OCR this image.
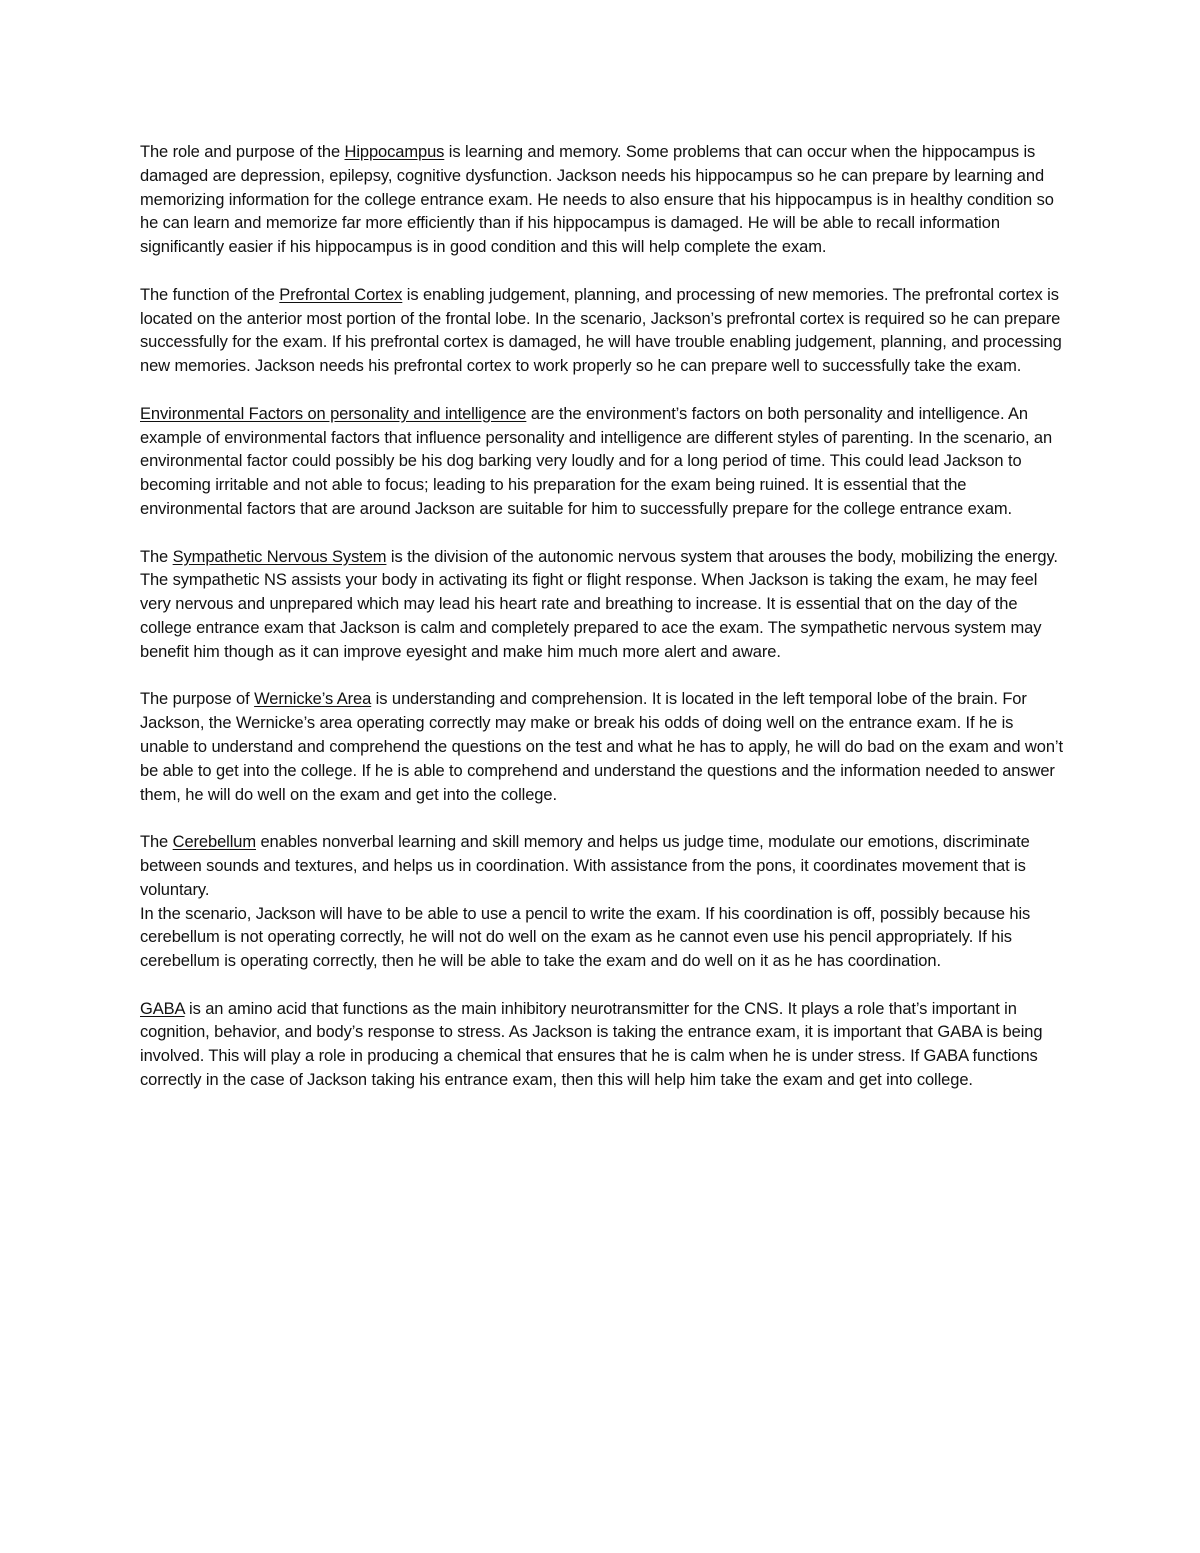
The role and purpose of the Hippocampus is learning and memory. Some problems that can occur when the hippocampus is damaged are depression, epilepsy, cognitive dysfunction. Jackson needs his hippocampus so he can prepare by learning and memorizing information for the college entrance exam. He needs to also ensure that his hippocampus is in healthy condition so he can learn and memorize far more efficiently than if his hippocampus is damaged. He will be able to recall information significantly easier if his hippocampus is in good condition and this will help complete the exam.

The function of the Prefrontal Cortex is enabling judgement, planning, and processing of new memories. The prefrontal cortex is located on the anterior most portion of the frontal lobe. In the scenario, Jackson’s prefrontal cortex is required so he can prepare successfully for the exam. If his prefrontal cortex is damaged, he will have trouble enabling judgement, planning, and processing new memories. Jackson needs his prefrontal cortex to work properly so he can prepare well to successfully take the exam.

Environmental Factors on personality and intelligence are the environment’s factors on both personality and intelligence. An example of environmental factors that influence personality and intelligence are different styles of parenting. In the scenario, an environmental factor could possibly be his dog barking very loudly and for a long period of time. This could lead Jackson to becoming irritable and not able to focus; leading to his preparation for the exam being ruined. It is essential that the environmental factors that are around Jackson are suitable for him to successfully prepare for the college entrance exam.

The Sympathetic Nervous System is the division of the autonomic nervous system that arouses the body, mobilizing the energy. The sympathetic NS assists your body in activating its fight or flight response. When Jackson is taking the exam, he may feel very nervous and unprepared which may lead his heart rate and breathing to increase. It is essential that on the day of the college entrance exam that Jackson is calm and completely prepared to ace the exam. The sympathetic nervous system may benefit him though as it can improve eyesight and make him much more alert and aware.

The purpose of Wernicke’s Area is understanding and comprehension. It is located in the left temporal lobe of the brain. For Jackson, the Wernicke’s area operating correctly may make or break his odds of doing well on the entrance exam. If he is unable to understand and comprehend the questions on the test and what he has to apply, he will do bad on the exam and won’t be able to get into the college. If he is able to comprehend and understand the questions and the information needed to answer them, he will do well on the exam and get into the college.

The Cerebellum enables nonverbal learning and skill memory and helps us judge time, modulate our emotions, discriminate between sounds and textures, and helps us in coordination. With assistance from the pons, it coordinates movement that is voluntary.
In the scenario, Jackson will have to be able to use a pencil to write the exam. If his coordination is off, possibly because his cerebellum is not operating correctly, he will not do well on the exam as he cannot even use his pencil appropriately. If his cerebellum is operating correctly, then he will be able to take the exam and do well on it as he has coordination.

GABA is an amino acid that functions as the main inhibitory neurotransmitter for the CNS. It plays a role that’s important in cognition, behavior, and body’s response to stress. As Jackson is taking the entrance exam, it is important that GABA is being involved. This will play a role in producing a chemical that ensures that he is calm when he is under stress. If GABA functions correctly in the case of Jackson taking his entrance exam, then this will help him take the exam and get into college.
